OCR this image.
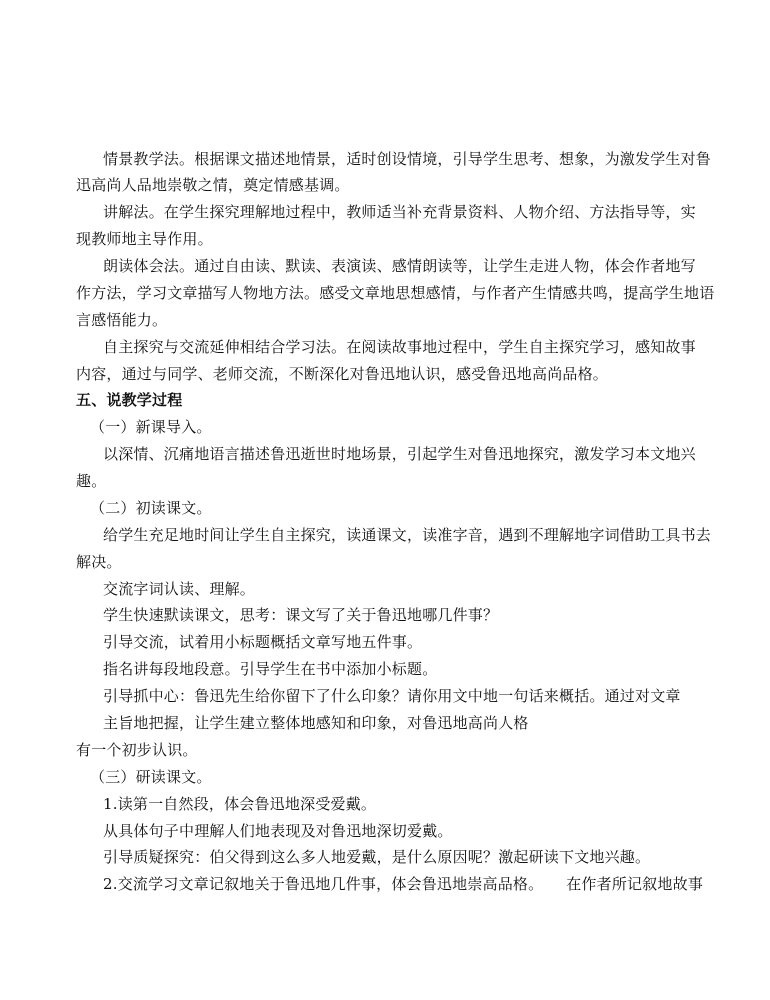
情景教学法。根据课文描述地情景，适时创设情境，引导学生思考、想象，为激发学生对鲁
迅高尚人品地崇敬之情，奠定情感基调。
讲解法。在学生探究理解地过程中，教师适当补充背景资料、人物介绍、方法指导等，实
现教师地主导作用。
朗读体会法。通过自由读、默读、表演读、感情朗读等，让学生走进人物，体会作者地写
作方法，学习文章描写人物地方法。感受文章地思想感情，与作者产生情感共鸣，提高学生地语
言感悟能力。
自主探究与交流延伸相结合学习法。在阅读故事地过程中，学生自主探究学习，感知故事
内容，通过与同学、老师交流，不断深化对鲁迅地认识，感受鲁迅地高尚品格。
五、说教学过程
（一）新课导入。
以深情、沉痛地语言描述鲁迅逝世时地场景，引起学生对鲁迅地探究，激发学习本文地兴
趣。
（二）初读课文。
给学生充足地时间让学生自主探究，读通课文，读准字音，遇到不理解地字词借助工具书去
解决。
交流字词认读、理解。
学生快速默读课文，思考：课文写了关于鲁迅地哪几件事？
引导交流，试着用小标题概括文章写地五件事。
指名讲每段地段意。引导学生在书中添加小标题。
引导抓中心：鲁迅先生给你留下了什么印象？请你用文中地一句话来概括。通过对文章
主旨地把握，让学生建立整体地感知和印象，对鲁迅地高尚人格
有一个初步认识。
（三）研读课文。
1.读第一自然段，体会鲁迅地深受爱戴。
从具体句子中理解人们地表现及对鲁迅地深切爱戴。
引导质疑探究：伯父得到这么多人地爱戴，是什么原因呢？激起研读下文地兴趣。
2.交流学习文章记叙地关于鲁迅地几件事，体会鲁迅地崇高品格。　　在作者所记叙地故事
